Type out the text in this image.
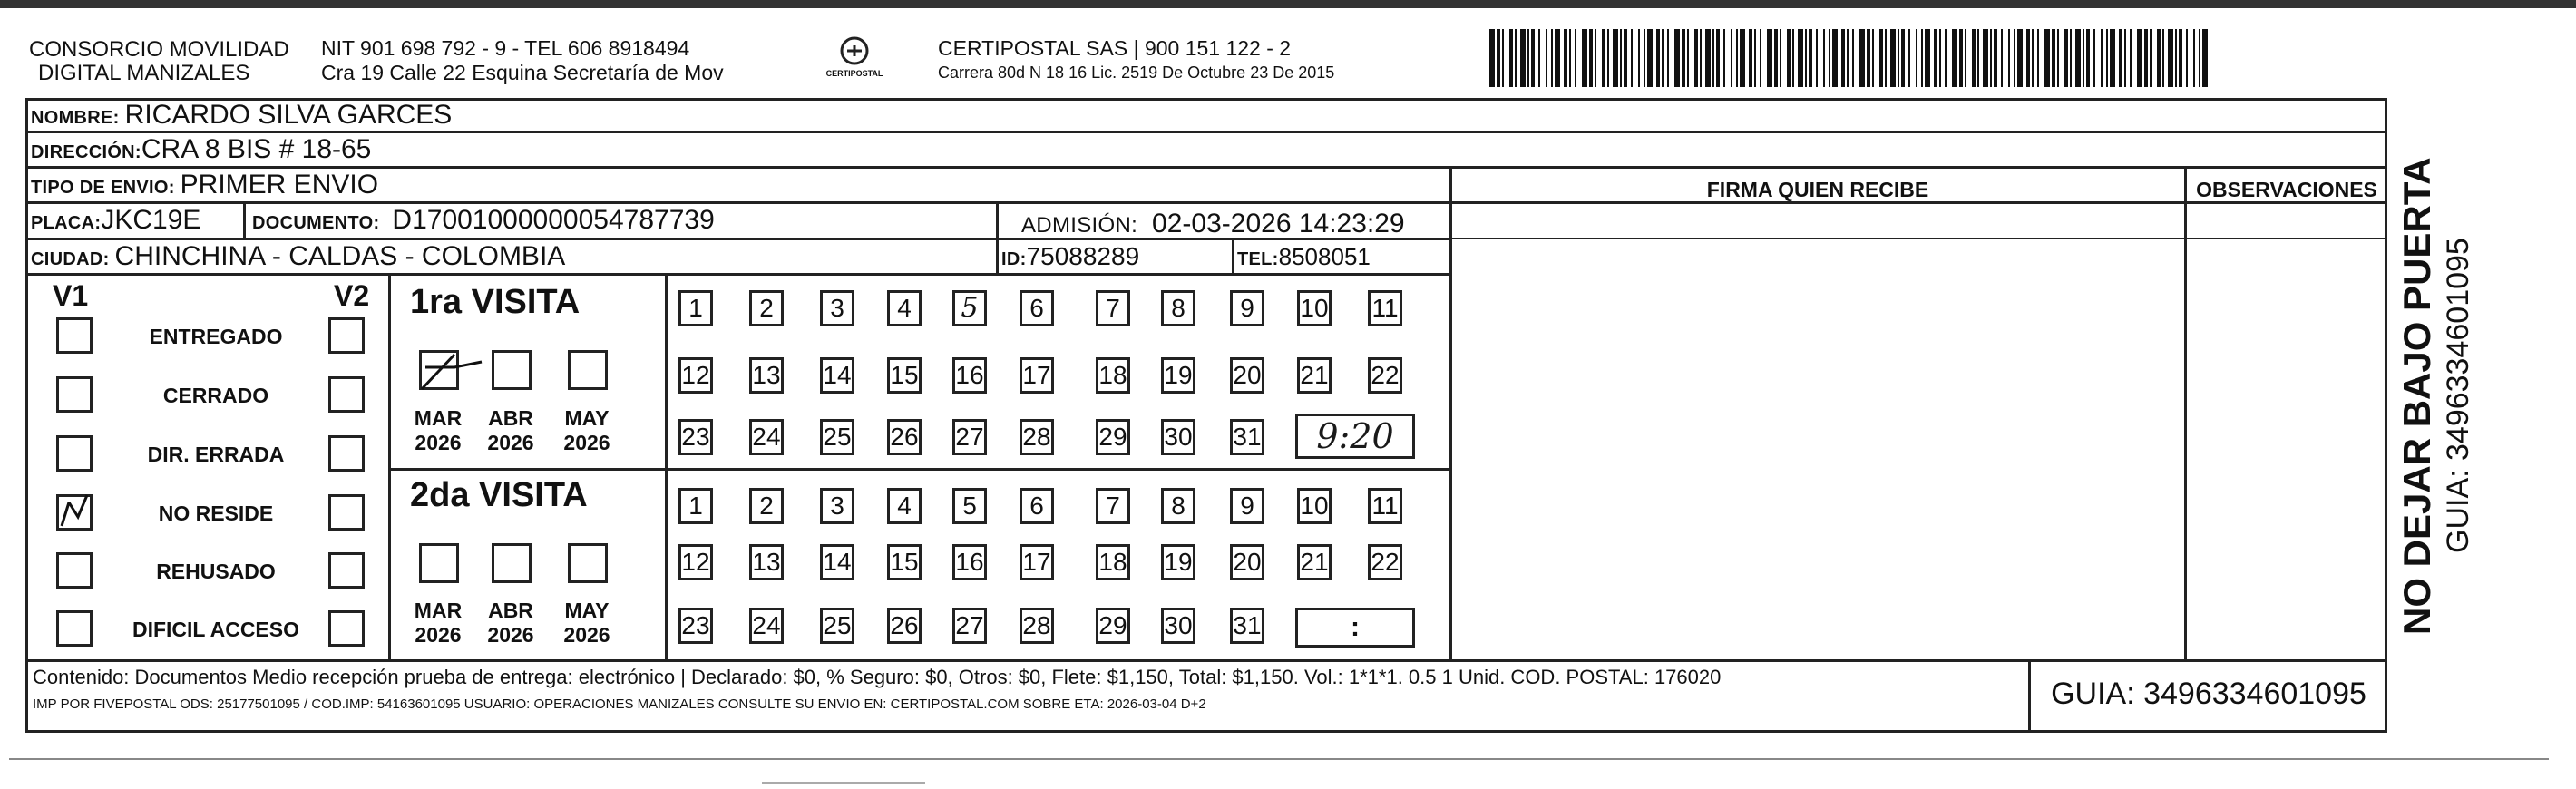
CONSORCIO MOVILIDAD
DIGITAL MANIZALES
NIT 901 698 792 - 9 - TEL 606 8918494
Cra 19 Calle 22 Esquina Secretaría de Mov	CERTIPOSTAL
CERTIPOSTAL SAS | 900 151 122 - 2
Carrera 80d N 18 16 Lic. 2519 De Octubre 23 De 2015
NOMBRE: RICARDO SILVA GARCES
DIRECCIÓN:CRA 8 BIS # 18-65
TIPO DE ENVIO: PRIMER ENVIO
PLACA:JKC19E	DOCUMENTO: D17001000000054787739	ADMISIÓN: 02-03-2026 14:23:29
CIUDAD: CHINCHINA - CALDAS - COLOMBIA	ID:75088289	TEL:8508051
FIRMA QUIEN RECIBE	OBSERVACIONES
V1	V2
ENTREGADO
CERRADO
DIR. ERRADA
NO RESIDE
REHUSADO
DIFICIL ACCESO
1ra VISITA
2da VISITA
MAR
2026
ABR
2026
MAY
2026
MAR
2026
ABR
2026
MAY
2026
1	2	3	4	5	6	7	8	9	10 11
12 13 14 15 16 17 18 19 20 21 22
23 24 25 26 27 28 29 30 31
1	2	3	4	5	6	7	8	9	10 11
12 13 14 15 16 17 18 19 20 21 22
23 24 25 26 27 28 29 30 31
9:20
:
Contenido: Documentos Medio recepción prueba de entrega: electrónico | Declarado: $0, % Seguro: $0, Otros: $0, Flete: $1,150, Total: $1,150. Vol.: 1*1*1. 0.5 1 Unid. COD. POSTAL: 176020
IMP POR FIVEPOSTAL ODS: 25177501095 / COD.IMP: 54163601095 USUARIO: OPERACIONES MANIZALES CONSULTE SU ENVIO EN: CERTIPOSTAL.COM SOBRE ETA: 2026-03-04 D+2	GUIA: 3496334601095
NO DEJAR BAJO PUERTA GUIA: 3496334601095
